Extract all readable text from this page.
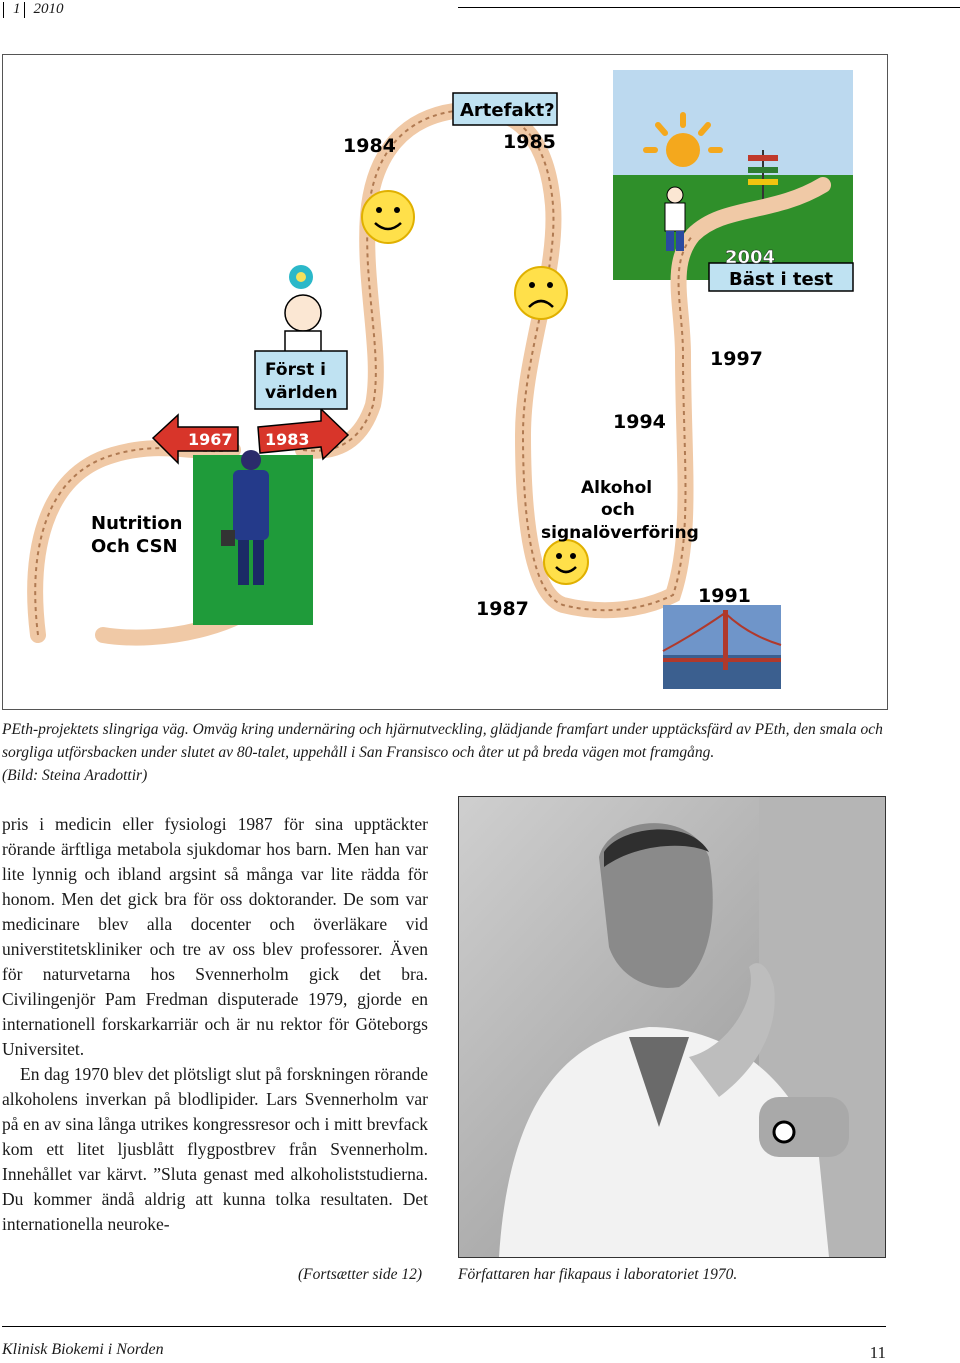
1 2010
1967 1983
Först i
världen
Artefakt?
2004
Bäst i test
1984	1985
1997
1994
1991
1987
Nutrition
Och CSN
Alkohol
och
signalöverföring
PEth-projektets slingriga väg. Omväg kring undernäring och hjärnutveckling, glädjande framfart under upptäcksfärd av PEth, den smala och sorgliga utförsbacken under slutet av 80-talet, uppehåll i San Fransisco och åter ut på breda vägen mot framgång.
(Bild: Steina Aradottir)

pris i medicin eller fysiologi 1987 för sina upptäckter rörande ärftliga metabola sjukdomar hos barn. Men han var lite lynnig och ibland argsint så många var lite rädda för honom. Men det gick bra för oss doktorander. De som var medicinare blev alla docenter och överläkare vid universtitetskliniker och tre av oss blev professorer. Även för naturvetarna hos Svennerholm gick det bra. Civilingenjör Pam Fredman disputerade 1979, gjorde en internationell forskarkarriär och är nu rektor för Göteborgs Universitet.

En dag 1970 blev det plötsligt slut på forskningen rörande alkoholens inverkan på blodlipider. Lars Svennerholm var på en av sina långa utrikes kongressresor och i mitt brevfack kom ett litet ljusblått flygpostbrev från Svennerholm. Innehållet var kärvt. ”Sluta genast med alkoholiststudierna. Du kommer ändå aldrig att kunna tolka resultaten. Det internationella neuroke-

(Fortsætter side 12) Författaren har fikapaus i laboratoriet 1970.
Klinisk Biokemi i Norden	11
